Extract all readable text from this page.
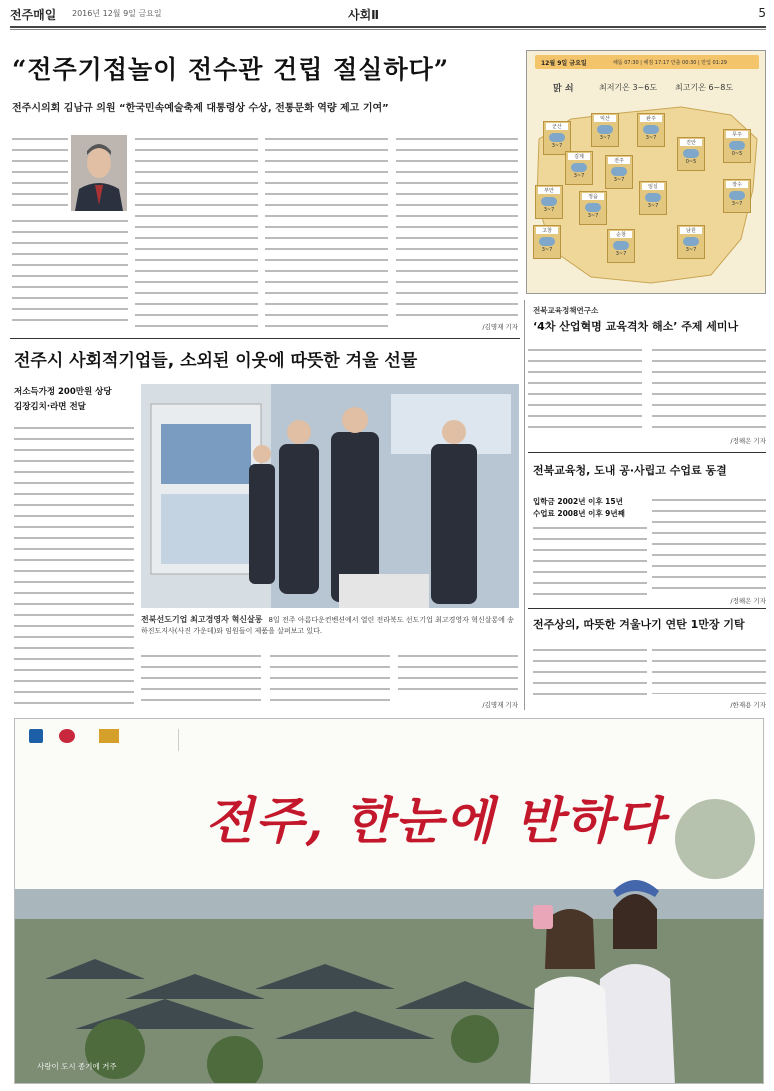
전주매일 2016년 12월 9일 금요일	사회Ⅱ	5
“전주기접놀이 전수관 건립 절실하다”
전주시의회 김남규 의원 “한국민속예술축제 대통령상 수상, 전통문화 역량 제고 기여”
/김명재 기자
12월 9일 금요일	해뜸 07:30 | 해짐 17:17 만출 00:30 | 만입 01:29
맑 쇠	최저기온 3~6도 최고기온 6~8도
군산
3~7
익산
3~7
완주
3~7
김제
3~7
전주
3~7
진안
0~5
무주
0~5
부안
3~7
정읍
3~7
임실
3~7
장수
3~7
고창
3~7
순창
3~7
남원
3~7
전북교육정책연구소
‘4차 산업혁명 교육격차 해소’ 주제 세미나
/정해은 기자
전주시 사회적기업들, 소외된 이웃에 따뜻한 겨울 선물
저소득가정 200만원 상당
김장김치·라면 전달
전북선도기업 최고경영자 혁신살롱 8일 전주 아름다운컨벤션에서 열린 전라북도 선도기업 최고경영자 혁신살롱에 송하진도지사(사진 가운데)와 임원들이 제품을 살펴보고 있다.
/김명재 기자
전북교육청, 도내 공·사립고 수업료 동결
입학금 2002년 이후 15년
수업료 2008년 이후 9년째
/정해은 기자
전주상의, 따뜻한 겨울나기 연탄 1만장 기탁
/한재용 기자
전주, 한눈에 반하다
사랑이 도시 종기에 거주
